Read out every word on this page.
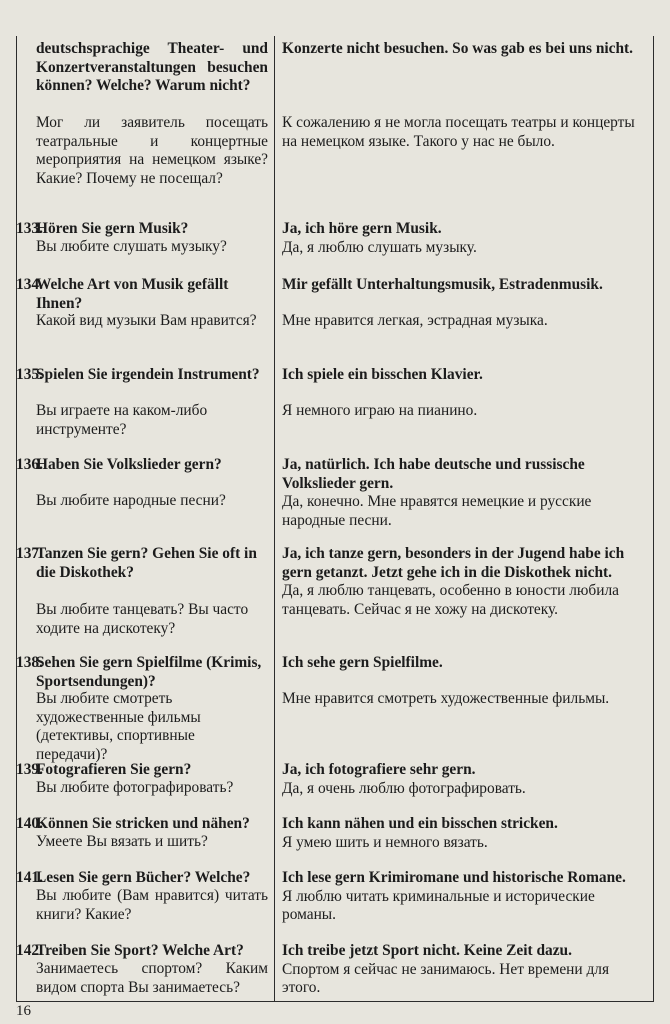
deutschsprachige Theater- und Konzertveranstaltungen besuchen können? Welche? Warum nicht?
Мог ли заявитель посещать театральные и концертные мероприятия на немецком языке? Какие? Почему не посещал?
Konzerte nicht besuchen. So was gab es bei uns nicht.
К сожалению я не могла посещать театры и концерты на немецком языке. Такого у нас не было.
133.
Hören Sie gern Musik?
Вы любите слушать музыку?
Ja, ich höre gern Musik.
Да, я люблю слушать музыку.
134.
Welche Art von Musik gefällt Ihnen?
Какой вид музыки Вам нравится?
Mir gefällt Unterhaltungsmusik, Estradenmusik.
Мне нравится легкая, эстрадная музыка.
135.
Spielen Sie irgendein Instrument?
Вы играете на каком-либо инструменте?
Ich spiele ein bisschen Klavier.
Я немного играю на пианино.
136.
Haben Sie Volkslieder gern?
Вы любите народные песни?
Ja, natürlich. Ich habe deutsche und russische Volkslieder gern.
Да, конечно. Мне нравятся немецкие и русские народные песни.
137.
Tanzen Sie gern? Gehen Sie oft in die Diskothek?
Вы любите танцевать? Вы часто ходите на дискотеку?
Ja, ich tanze gern, besonders in der Jugend habe ich gern getanzt. Jetzt gehe ich in die Diskothek nicht.
Да, я люблю танцевать, особенно в юности любила танцевать. Сейчас я не хожу на дискотеку.
138.
Sehen Sie gern Spielfilme (Krimis, Sportsendungen)?
Вы любите смотреть художественные фильмы (детективы, спортивные передачи)?
Ich sehe gern Spielfilme.
Мне нравится смотреть художественные фильмы.
139.
Fotografieren Sie gern?
Вы любите фотографировать?
Ja, ich fotografiere sehr gern.
Да, я очень люблю фотографировать.
140.
Können Sie stricken und nähen?
Умеете Вы вязать и шить?
Ich kann nähen und ein bisschen stricken.
Я умею шить и немного вязать.
141.
Lesen Sie gern Bücher? Welche?
Вы любите (Вам нравится) читать книги? Какие?
Ich lese gern Krimiromane und historische Romane.
Я люблю читать криминальные и исторические романы.
142.
Treiben Sie Sport? Welche Art?
Занимаетесь спортом? Каким видом спорта Вы занимаетесь?
Ich treibe jetzt Sport nicht. Keine Zeit dazu.
Спортом я сейчас не занимаюсь. Нет времени для этого.
16
